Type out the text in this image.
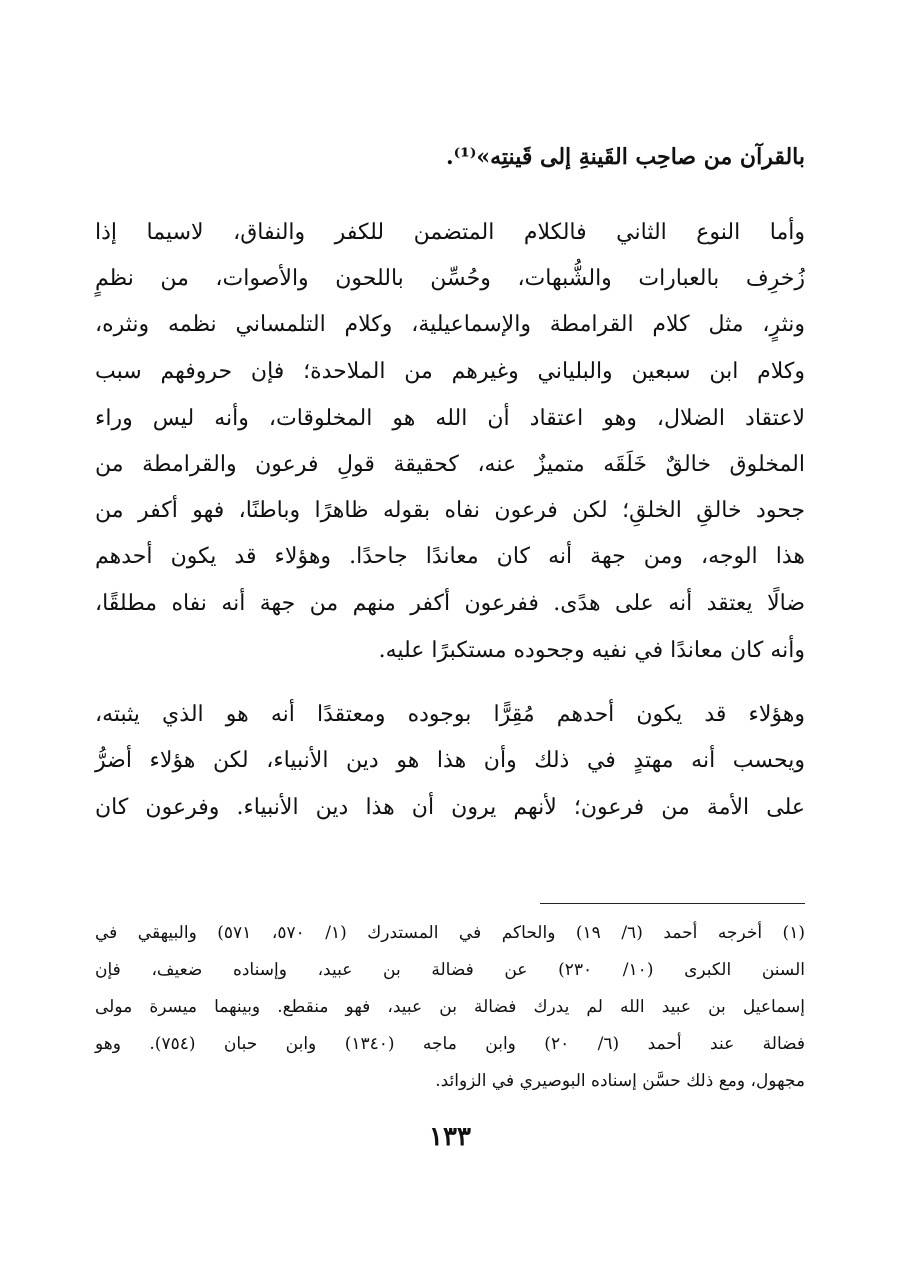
بالقرآن من صاحِب القَينةِ إلى قَينتِه»⁽¹⁾.
وأما النوع الثاني فالكلام المتضمن للكفر والنفاق، لاسيما إذا
زُخرِف بالعبارات والشُّبهات، وحُسِّن باللحون والأصوات، من نظمٍ
ونثرٍ، مثل كلام القرامطة والإسماعيلية، وكلام التلمساني نظمه ونثره،
وكلام ابن سبعين والبلياني وغيرهم من الملاحدة؛ فإن حروفهم سبب
لاعتقاد الضلال، وهو اعتقاد أن الله هو المخلوقات، وأنه ليس وراء
المخلوق خالقٌ خَلَقَه متميزٌ عنه، كحقيقة قولِ فرعون والقرامطة من
جحود خالقِ الخلقِ؛ لكن فرعون نفاه بقوله ظاهرًا وباطنًا، فهو أكفر من
هذا الوجه، ومن جهة أنه كان معاندًا جاحدًا. وهؤلاء قد يكون أحدهم
ضالًا يعتقد أنه على هدًى. ففرعون أكفر منهم من جهة أنه نفاه مطلقًا،
وأنه كان معاندًا في نفيه وجحوده مستكبرًا عليه.
وهؤلاء قد يكون أحدهم مُقِرًّا بوجوده ومعتقدًا أنه هو الذي يثبته،
ويحسب أنه مهتدٍ في ذلك وأن هذا هو دين الأنبياء، لكن هؤلاء أضرُّ
على الأمة من فرعون؛ لأنهم يرون أن هذا دين الأنبياء. وفرعون كان
(١) أخرجه أحمد (٦/ ١٩) والحاكم في المستدرك (١/ ٥٧٠، ٥٧١) والبيهقي في
السنن الكبرى (١٠/ ٢٣٠) عن فضالة بن عبيد، وإسناده ضعيف، فإن
إسماعيل بن عبيد الله لم يدرك فضالة بن عبيد، فهو منقطع. وبينهما ميسرة مولى
فضالة عند أحمد (٦/ ٢٠) وابن ماجه (١٣٤٠) وابن حبان (٧٥٤). وهو
مجهول، ومع ذلك حسَّن إسناده البوصيري في الزوائد.
١٣٣
